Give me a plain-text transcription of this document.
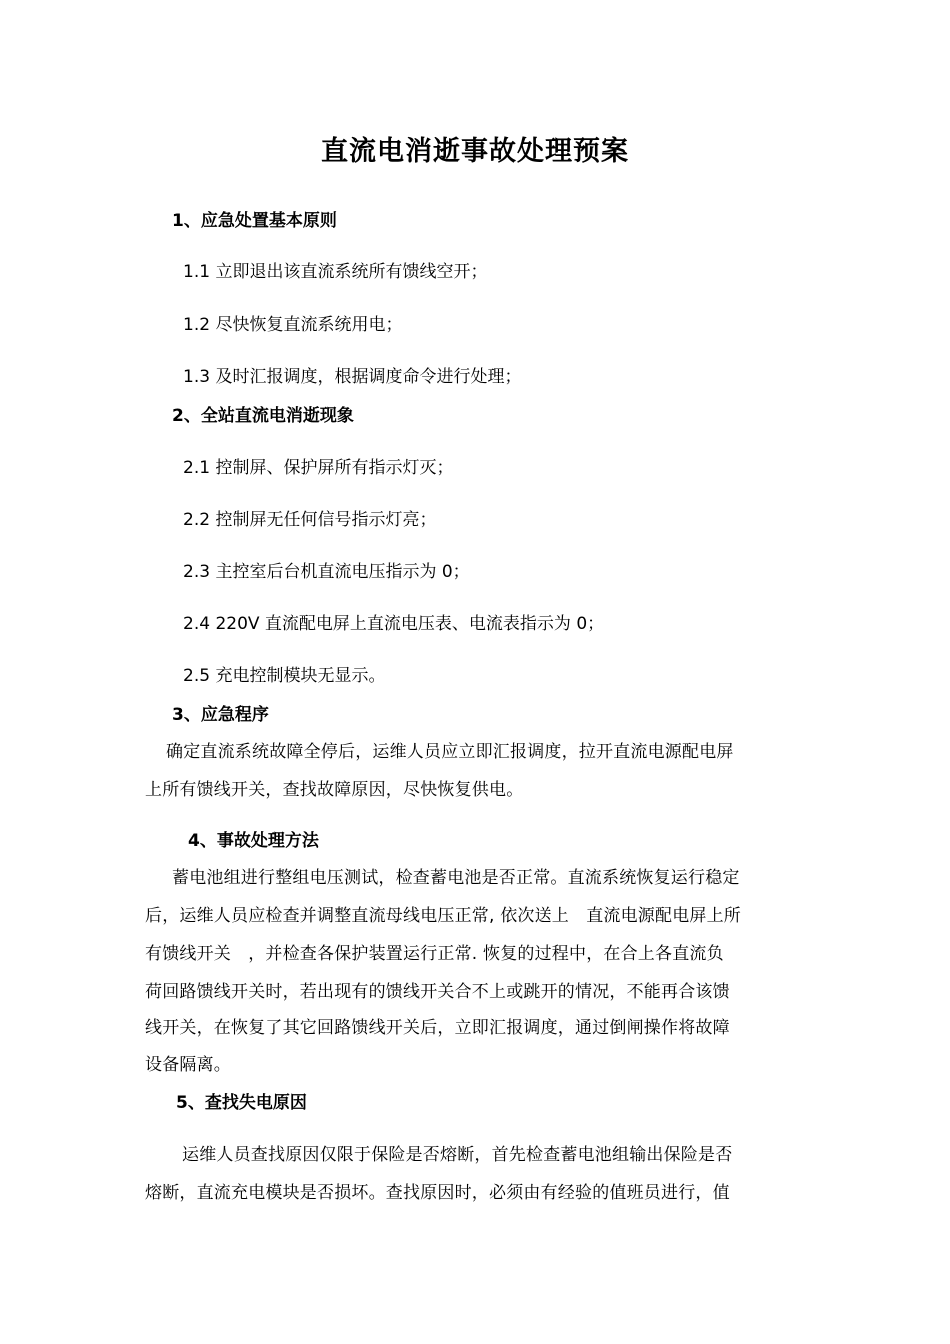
直流电消逝事故处理预案
1、应急处置基本原则
1.1 立即退出该直流系统所有馈线空开；
1.2 尽快恢复直流系统用电；
1.3 及时汇报调度，根据调度命令进行处理；
2、全站直流电消逝现象
2.1 控制屏、保护屏所有指示灯灭；
2.2 控制屏无任何信号指示灯亮；
2.3 主控室后台机直流电压指示为 0；
2.4 220V 直流配电屏上直流电压表、电流表指示为 0；
2.5 充电控制模块无显示。
3、应急程序
确定直流系统故障全停后，运维人员应立即汇报调度，拉开直流电源配电屏
上所有馈线开关，查找故障原因，尽快恢复供电。
4、事故处理方法
蓄电池组进行整组电压测试，检查蓄电池是否正常。直流系统恢复运行稳定
后，运维人员应检查并调整直流母线电压正常, 依次送上　直流电源配电屏上所
有馈线开关　，并检查各保护装置运行正常. 恢复的过程中，在合上各直流负
荷回路馈线开关时，若出现有的馈线开关合不上或跳开的情况，不能再合该馈
线开关，在恢复了其它回路馈线开关后，立即汇报调度，通过倒闸操作将故障
设备隔离。
5、查找失电原因
运维人员查找原因仅限于保险是否熔断，首先检查蓄电池组输出保险是否
熔断，直流充电模块是否损坏。查找原因时，必须由有经验的值班员进行，值
